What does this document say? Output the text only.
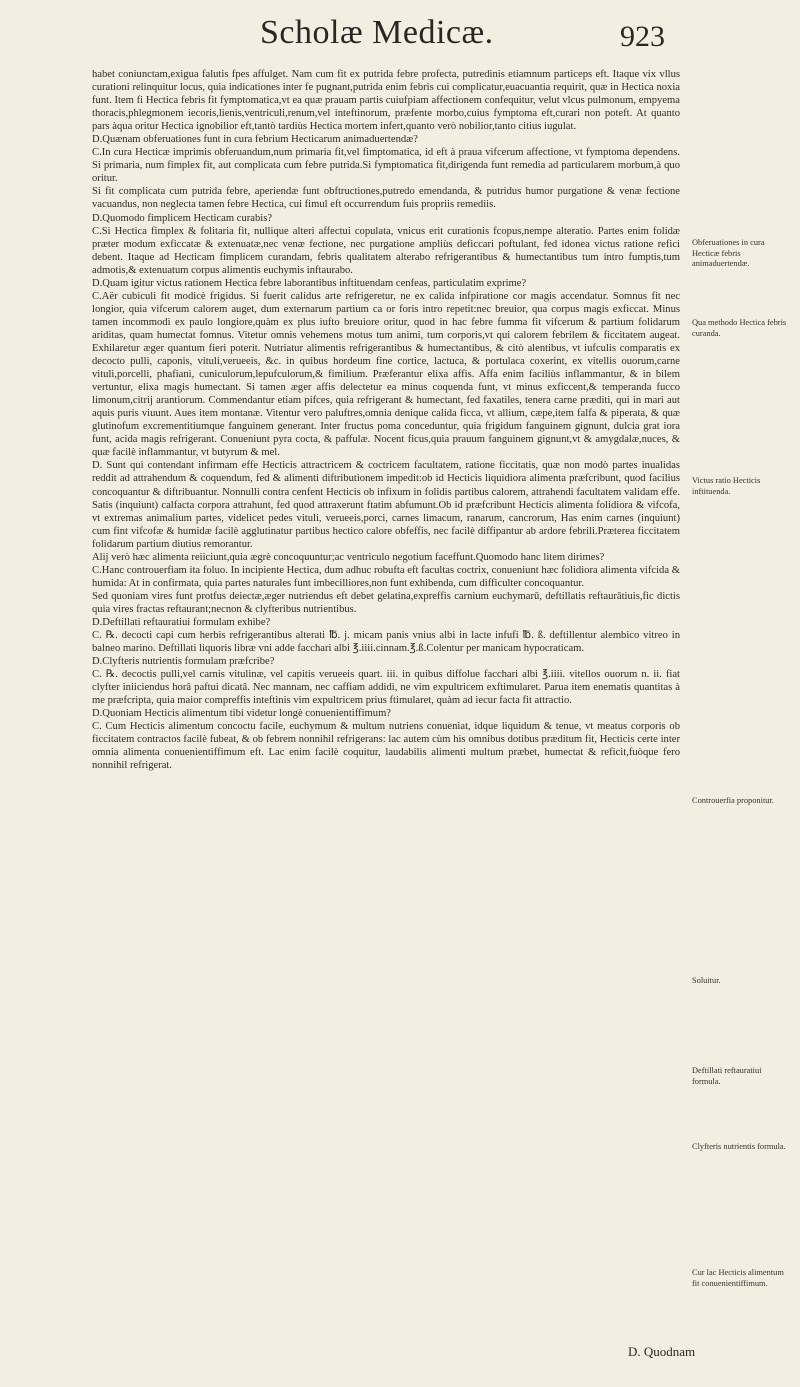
Scholæ Medicæ.	923

habet coniunctam,exigua falutis fpes affulget. Nam cum fit ex putrida febre profecta, putredinis etiamnum particeps eft. Itaque vix vllus curationi relinquitur locus, quia indicationes inter fe pugnant,putrida enim febris cui complicatur,euacuantia requirit, quæ in Hectica noxia funt. Item fi Hectica febris fit fymptomatica,vt ea quæ prauam partis cuiufpiam affectionem confequitur, velut vlcus pulmonum, empyema thoracis,phlegmonem iecoris,lienis,ventriculi,renum,vel inteftinorum, præfente morbo,cuius fymptoma eft,curari non poteft. At quanto pars àqua oritur Hectica ignobilior eft,tantò tardiùs Hectica mortem infert,quanto verò nobilior,tanto citius iugulat.

D.Quænam obferuationes funt in cura febrium Hecticarum animaduertendæ?

C.In cura Hecticæ imprimis obferuandum,num primaria fit,vel fimptomatica, id eft à praua vifcerum affectione, vt fymptoma dependens. Si primaria, num fimplex fit, aut complicata cum febre putrida.Si fymptomatica fit,dirigenda funt remedia ad particularem morbum,à quo oritur.

Si fit complicata cum putrida febre, aperiendæ funt obftructiones,putredo emendanda, & putridus humor purgatione & venæ fectione vacuandus, non neglecta tamen febre Hectica, cui fimul eft occurrendum fuis propriis remediis.

D.Quomodo fimplicem Hecticam curabis?

C.Si Hectica fimplex & folitaria fit, nullique alteri affectui copulata, vnicus erit curationis fcopus,nempe alteratio. Partes enim folidæ præter modum exficcatæ & extenuatæ,nec venæ fectione, nec purgatione ampliùs deficcari poftulant, fed idonea victus ratione refici debent. Itaque ad Hecticam fimplicem curandam, febris qualitatem alterabo refrigerantibus & humectantibus tum intro fumptis,tum admotis,& extenuatum corpus alimentis euchymis inftaurabo.

D.Quam igitur victus rationem Hectica febre laborantibus inftituendam cenfeas, particulatim exprime?

C.Aër cubiculi fit modicè frigidus. Si fuerit calidus arte refrigeretur, ne ex calida infpiratione cor magis accendatur. Somnus fit nec longior, quia vifcerum calorem auget, dum externarum partium ca or foris intro repetit:nec breuior, qua corpus magis exficcat. Minus tamen incommodi ex paulo longiore,quàm ex plus iufto breuiore oritur, quod in hac febre fumma fit vifcerum & partium folidarum ariditas, quam humectat fomnus. Vitetur omnis vehemens motus tum animi, tum corporis,vt qui calorem febrilem & ficcitatem augeat. Exhilaretur æger quantum fieri poterit. Nutriatur alimentis refrigerantibus & humectantibus, & citò alentibus, vt iufculis comparatis ex decocto pulli, caponis, vituli,verueeis, &c. in quibus hordeum fine cortice, lactuca, & portulaca coxerint, ex vitellis ouorum,carne vituli,porcelli, phafiani, cuniculorum,lepufculorum,& fimilium. Præferantur elixa affis. Affa enim faciliùs inflammantur, & in bilem vertuntur, elixa magis humectant. Si tamen æger affis delectetur ea minus coquenda funt, vt minus exficcent,& temperanda fucco limonum,citrij arantiorum. Commendantur etiam pifces, quia refrigerant & humectant, fed faxatiles, tenera carne præditi, qui in mari aut aquis puris viuunt. Aues item montanæ. Vitentur vero paluftres,omnia denique calida ficca, vt allium, cæpe,item falfa & piperata, & quæ glutinofum excrementitiumque fanguinem generant. Inter fructus poma conceduntur, quia frigidum fanguinem gignunt, dulcia grat iora funt, acida magis refrigerant. Conueniunt pyra cocta, & paffulæ. Nocent ficus,quia prauum fanguinem gignunt,vt & amygdalæ,nuces, & quæ facilè inflammantur, vt butyrum & mel.

D. Sunt qui contendant infirmam effe Hecticis attractricem & coctricem facultatem, ratione ficcitatis, quæ non modò partes inualidas reddit ad attrahendum & coquendum, fed & alimenti diftributionem impedit:ob id Hecticis liquidiora alimenta præfcribunt, quod facilius concoquantur & diftribuantur. Nonnulli contra cenfent Hecticis ob infixum in folidis partibus calorem, attrahendi facultatem validam effe. Satis (inquiunt) calfacta corpora attrahunt, fed quod attraxerunt ftatim abfumunt.Ob id præfcribunt Hecticis alimenta folidiora & vifcofa, vt extremas animalium partes, videlicet pedes vituli, verueeis,porci, carnes limacum, ranarum, cancrorum, Has enim carnes (inquiunt) cum fint vifcofæ & humidæ facilè agglutinatur partibus hectico calore obfeffis, nec facilè diffipantur ab ardore febrili.Præterea ficcitatem folidarum partium diutius remorantur.

Alij verò hæc alimenta reiiciunt,quia ægrè concoquuntur;ac ventriculo negotium faceffunt.Quomodo hanc litem dirimes?

C.Hanc controuerfiam ita foluo. In incipiente Hectica, dum adhuc robufta eft facultas coctrix, conueniunt hæc folidiora alimenta vifcida & humida: At in confirmata, quia partes naturales funt imbecilliores,non funt exhibenda, cum difficulter concoquantur.

Sed quoniam vires funt protfus deiectæ,æger nutriendus eft debet gelatina,expreffis carnium euchymarū, deftillatis reftaurātiuis,fic dictis quia vires fractas reftaurant;necnon & clyfteribus nutrientibus.

D.Deftillati reftauratiui formulam exhibe?

C. ℞. decocti capi cum herbis refrigerantibus alterati ℔. j. micam panis vnius albi in lacte infufi ℔. ß. deftillentur alembico vitreo in balneo marino. Deftillati liquoris libræ vni adde facchari albi ℥.iiii.cinnam.℥.ß.Colentur per manicam hypocraticam.

D.Clyfteris nutrientis formulam præfcribe?

C. ℞. decoctis pulli,vel carnis vitulinæ, vel capitis verueeis quart. iii. in quibus diffolue facchari albi ℥.iiii. vitellos ouorum n. ii. fiat clyfter iniiciendus horâ paftui dicatâ. Nec mannam, nec caffiam addidi, ne vim expultricem exftimularet. Parua item enematis quantitas à me præfcripta, quia maior compreffis inteftinis vim expultricem prius ftimularet, quàm ad iecur facta fit attractio.

D.Quoniam Hecticis alimentum tibi videtur longè conuenientiffimum?

C. Cum Hecticis alimentum concoctu facile, euchymum & multum nutriens conueniat, idque liquidum & tenue, vt meatus corporis ob ficcitatem contractos facilè fubeat, & ob febrem nonnihil refrigerans: lac autem cùm his omnibus dotibus præditum fit, Hecticis certe inter omnia alimenta conuenientiffimum eft. Lac enim facilè coquitur, laudabilis alimenti multum præbet, humectat & reficit,fuòque fero nonnihil refrigerat.

Obferuationes in cura Hecticæ febris animaduertendæ.
Qua methodo Hectica febris curanda.
Victus ratio Hecticis inftituenda.
Controuerfia proponitur.
Soluitur.
Deftillati reftauratiui formula.
Clyfteris nutrientis formula.
Cur lac Hecticis alimentum fit conuenientiffimum.
D. Quodnam
